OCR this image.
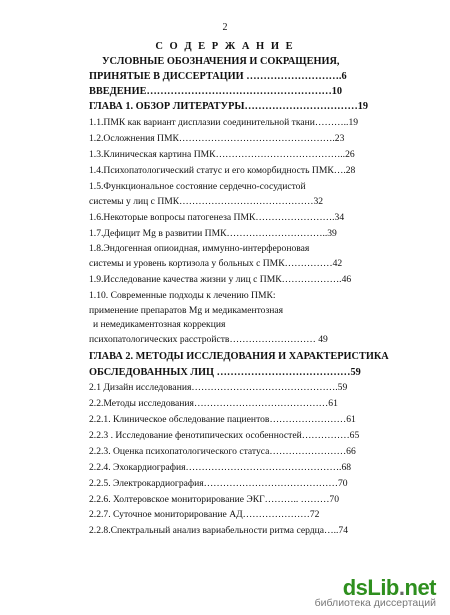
2
С О Д Е Р Ж А Н И Е
УСЛОВНЫЕ ОБОЗНАЧЕНИЯ И СОКРАЩЕНИЯ,
ПРИНЯТЫЕ В ДИССЕРТАЦИИ ……………………….6
ВВЕДЕНИЕ………………………………………………10
ГЛАВА 1. ОБЗОР ЛИТЕРАТУРЫ……………………………19
1.1.ПМК как вариант дисплазии соединительной ткани………..19
1.2.Осложнения ПМК………………………………………….23
1.3.Клиническая картина ПМК…………………………………..26
1.4.Психопатологический статус и его коморбидность ПМК….28
1.5.Функциональное состояние сердечно-сосудистой
системы у лиц с ПМК……………………………………32
1.6.Некоторые вопросы патогенеза ПМК…………………….34
1.7.Дефицит Mg в развитии ПМК…………………………..39
1.8.Эндогенная опиоидная, иммунно-интерфероновая
системы и уровень кортизола у больных с ПМК……………42
1.9.Исследование качества жизни у лиц с ПМК……………….46
1.10. Современные подходы к лечению ПМК:
применение препаратов Mg и медикаментозная
и немедикаментозная коррекция
психопатологических расстройств……………………… 49
ГЛАВА 2. МЕТОДЫ ИССЛЕДОВАНИЯ И ХАРАКТЕРИСТИКА
ОБСЛЕДОВАННЫХ ЛИЦ …………………………………59
2.1 Дизайн исследования……………………………………….59
2.2.Методы исследования……………………………………61
2.2.1. Клиническое обследование пациентов……………………61
2.2.3 . Исследование фенотипических особенностей……………65
2.2.3. Оценка психопатологического статуса……………………66
2.2.4. Эхокардиография………………………………………….68
2.2.5. Электрокардиография……………………………………70
2.2.6. Холтеровское мониторирование ЭКГ……….. ………70
2.2.7. Суточное мониторирование АД…………………72
2.2.8.Спектральный анализ вариабельности ритма сердца…..74
dsLib.net
библиотека диссертаций
